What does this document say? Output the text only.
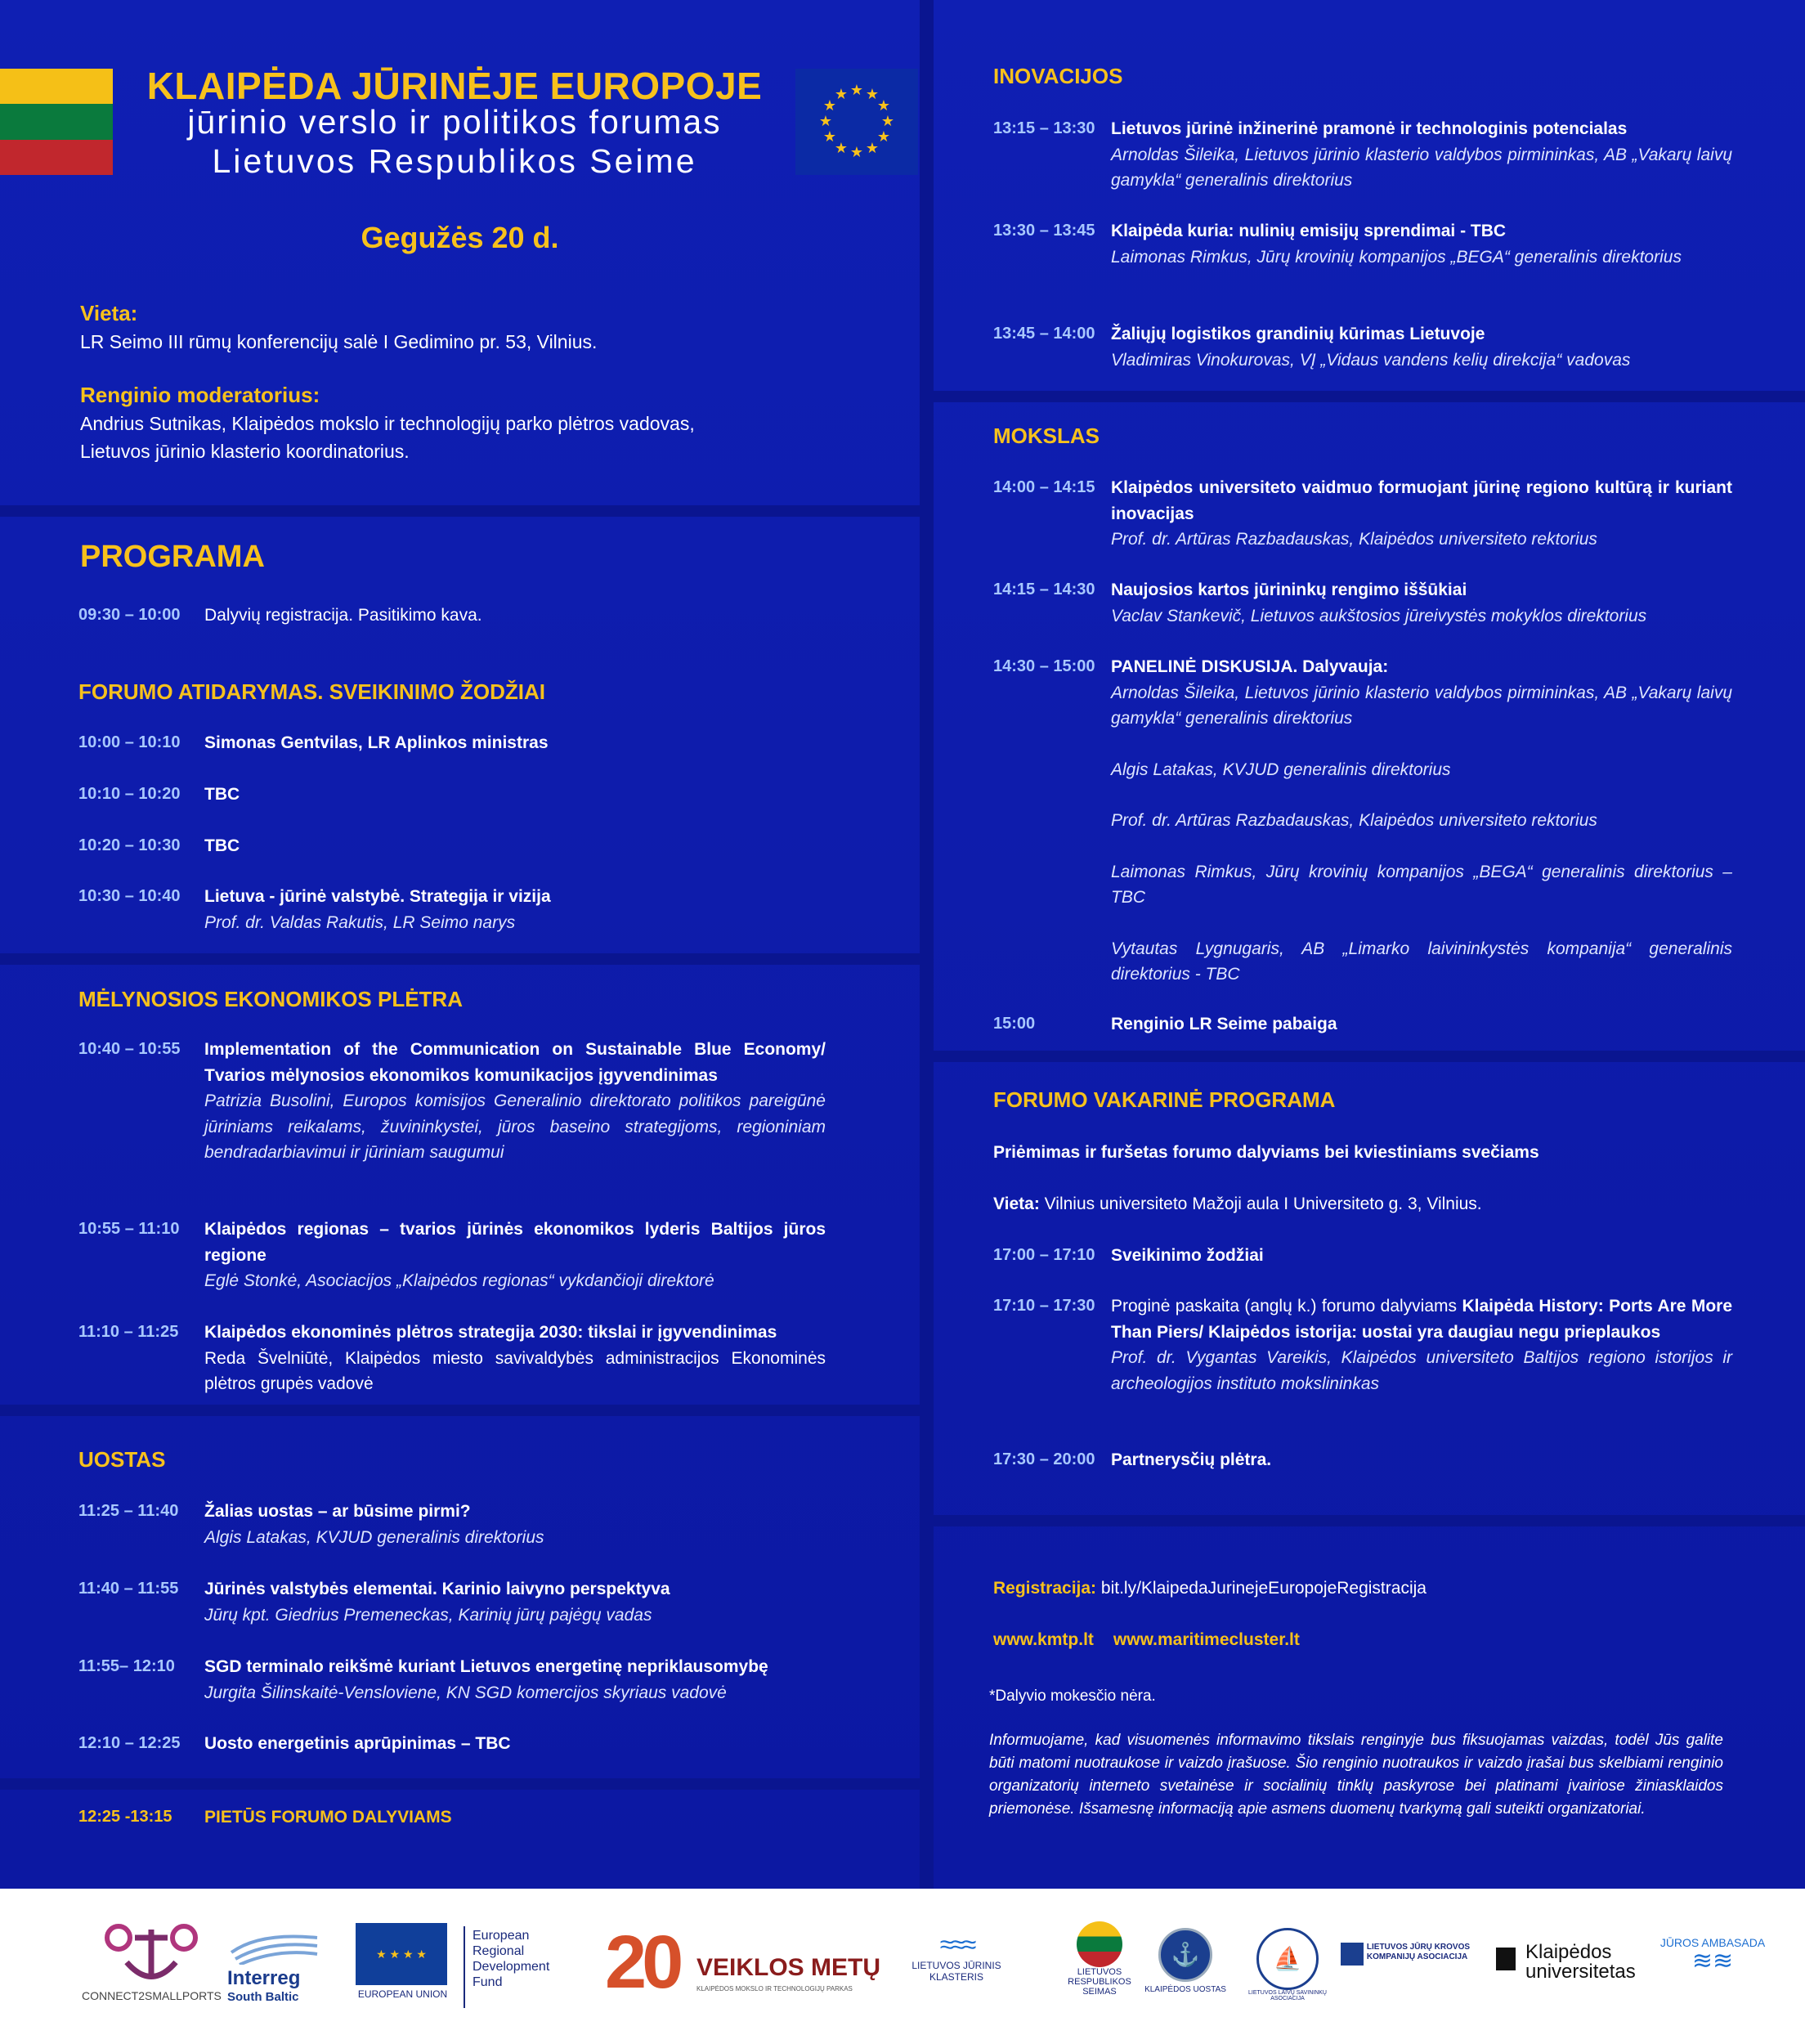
★ ★
★
★
★
★
★
★
★
★
★
★
KLAIPĖDA JŪRINĖJE EUROPOJE
jūrinio verslo ir politikos forumas
Lietuvos Respublikos Seime
Gegužės 20 d.
Vieta:
LR Seimo III rūmų konferencijų salė I Gedimino pr. 53, Vilnius.
Renginio moderatorius:
Andrius Sutnikas, Klaipėdos mokslo ir technologijų parko plėtros vadovas,
Lietuvos jūrinio klasterio koordinatorius.
PROGRAMA
09:30 – 10:00 Dalyvių registracija. Pasitikimo kava.
FORUMO ATIDARYMAS. SVEIKINIMO ŽODŽIAI
10:00 – 10:10 Simonas Gentvilas, LR Aplinkos ministras
10:10 – 10:20 TBC
10:20 – 10:30 TBC
10:30 – 10:40 Lietuva - jūrinė valstybė. Strategija ir vizija
Prof. dr. Valdas Rakutis, LR Seimo narys
MĖLYNOSIOS EKONOMIKOS PLĖTRA
10:40 – 10:55 Implementation of the Communication on Sustainable Blue Economy/ Tvarios mėlynosios ekonomikos komunikacijos įgyvendinimas
Patrizia Busolini, Europos komisijos Generalinio direktorato politikos pareigūnė jūriniams reikalams, žuvininkystei, jūros baseino strategijoms, regioniniam bendradarbiavimui ir jūriniam saugumui
10:55 – 11:10 Klaipėdos regionas – tvarios jūrinės ekonomikos lyderis Baltijos jūros regione
Eglė Stonkė, Asociacijos „Klaipėdos regionas“ vykdančioji direktorė
11:10 – 11:25 Klaipėdos ekonominės plėtros strategija 2030: tikslai ir įgyvendinimas
Reda Švelniūtė, Klaipėdos miesto savivaldybės administracijos Ekonominės plėtros grupės vadovė
UOSTAS
11:25 – 11:40 Žalias uostas – ar būsime pirmi?
Algis Latakas, KVJUD generalinis direktorius
11:40 – 11:55 Jūrinės valstybės elementai. Karinio laivyno perspektyva
Jūrų kpt. Giedrius Premeneckas, Karinių jūrų pajėgų vadas
11:55– 12:10 SGD terminalo reikšmė kuriant Lietuvos energetinę nepriklausomybę
Jurgita Šilinskaitė-Vensloviene, KN SGD komercijos skyriaus vadovė
12:10 – 12:25 Uosto energetinis aprūpinimas – TBC
12:25 -13:15 PIETŪS FORUMO DALYVIAMS
INOVACIJOS
13:15 – 13:30 Lietuvos jūrinė inžinerinė pramonė ir technologinis potencialas
Arnoldas Šileika, Lietuvos jūrinio klasterio valdybos pirmininkas, AB „Vakarų laivų gamykla“ generalinis direktorius
13:30 – 13:45 Klaipėda kuria: nulinių emisijų sprendimai - TBC
Laimonas Rimkus, Jūrų krovinių kompanijos „BEGA“ generalinis direktorius
13:45 – 14:00 Žaliųjų logistikos grandinių kūrimas Lietuvoje
Vladimiras Vinokurovas, VĮ „Vidaus vandens kelių direkcija“ vadovas
MOKSLAS
14:00 – 14:15 Klaipėdos universiteto vaidmuo formuojant jūrinę regiono kultūrą ir kuriant inovacijas
Prof. dr. Artūras Razbadauskas, Klaipėdos universiteto rektorius
14:15 – 14:30 Naujosios kartos jūrininkų rengimo iššūkiai
Vaclav Stankevič, Lietuvos aukštosios jūreivystės mokyklos direktorius
14:30 – 15:00 PANELINĖ DISKUSIJA. Dalyvauja:
Arnoldas Šileika, Lietuvos jūrinio klasterio valdybos pirmininkas, AB „Vakarų laivų gamykla“ generalinis direktorius
Algis Latakas, KVJUD generalinis direktorius
Prof. dr. Artūras Razbadauskas, Klaipėdos universiteto rektorius
Laimonas Rimkus, Jūrų krovinių kompanijos „BEGA“ generalinis direktorius – TBC
Vytautas Lygnugaris, AB „Limarko laivininkystės kompanija“ generalinis direktorius - TBC
15:00	Renginio LR Seime pabaiga
FORUMO VAKARINĖ PROGRAMA
Priėmimas ir furšetas forumo dalyviams bei kviestiniams svečiams
Vieta: Vilnius universiteto Mažoji aula I Universiteto g. 3, Vilnius.
17:00 – 17:10 Sveikinimo žodžiai
17:10 – 17:30 Proginė paskaita (anglų k.) forumo dalyviams Klaipėda History: Ports Are More Than Piers/ Klaipėdos istorija: uostai yra daugiau negu prieplaukos
Prof. dr. Vygantas Vareikis, Klaipėdos universiteto Baltijos regiono istorijos ir archeologijos instituto mokslininkas
17:30 – 20:00 Partnerysčių plėtra.
Registracija: bit.ly/KlaipedaJurinejeEuropojeRegistracija
www.kmtp.lt www.maritimecluster.lt
*Dalyvio mokesčio nėra.
Informuojame, kad visuomenės informavimo tikslais renginyje bus fiksuojamas vaizdas, todėl Jūs galite būti matomi nuotraukose ir vaizdo įrašuose. Šio renginio nuotraukos ir vaizdo įrašai bus skelbiami renginio organizatorių interneto svetainėse ir socialinių tinklų paskyrose bei platinami įvairiose žiniasklaidos priemonėse. Išsamesnę informaciją apie asmens duomenų tvarkymą gali suteikti organizatoriai.
CONNECT2SMALLPORTS
Interreg
South Baltic
★ ★ ★ ★
EUROPEAN UNION
European Regional Development Fund	20 VEIKLOS METŲ
KLAIPĖDOS MOKSLO IR TECHNOLOGIJŲ PARKAS
≈≈≈
LIETUVOS JŪRINIS KLASTERIS	LIETUVOS RESPUBLIKOS SEIMAS
⚓
KLAIPĖDOS UOSTAS
⛵
LIETUVOS LAIVŲ SAVININKŲ ASOCIACIJA
LIETUVOS JŪRŲ KROVOS KOMPANIJŲ ASOCIACIJA	Klaipėdos
universitetas
JŪROS AMBASADA
≋≋
